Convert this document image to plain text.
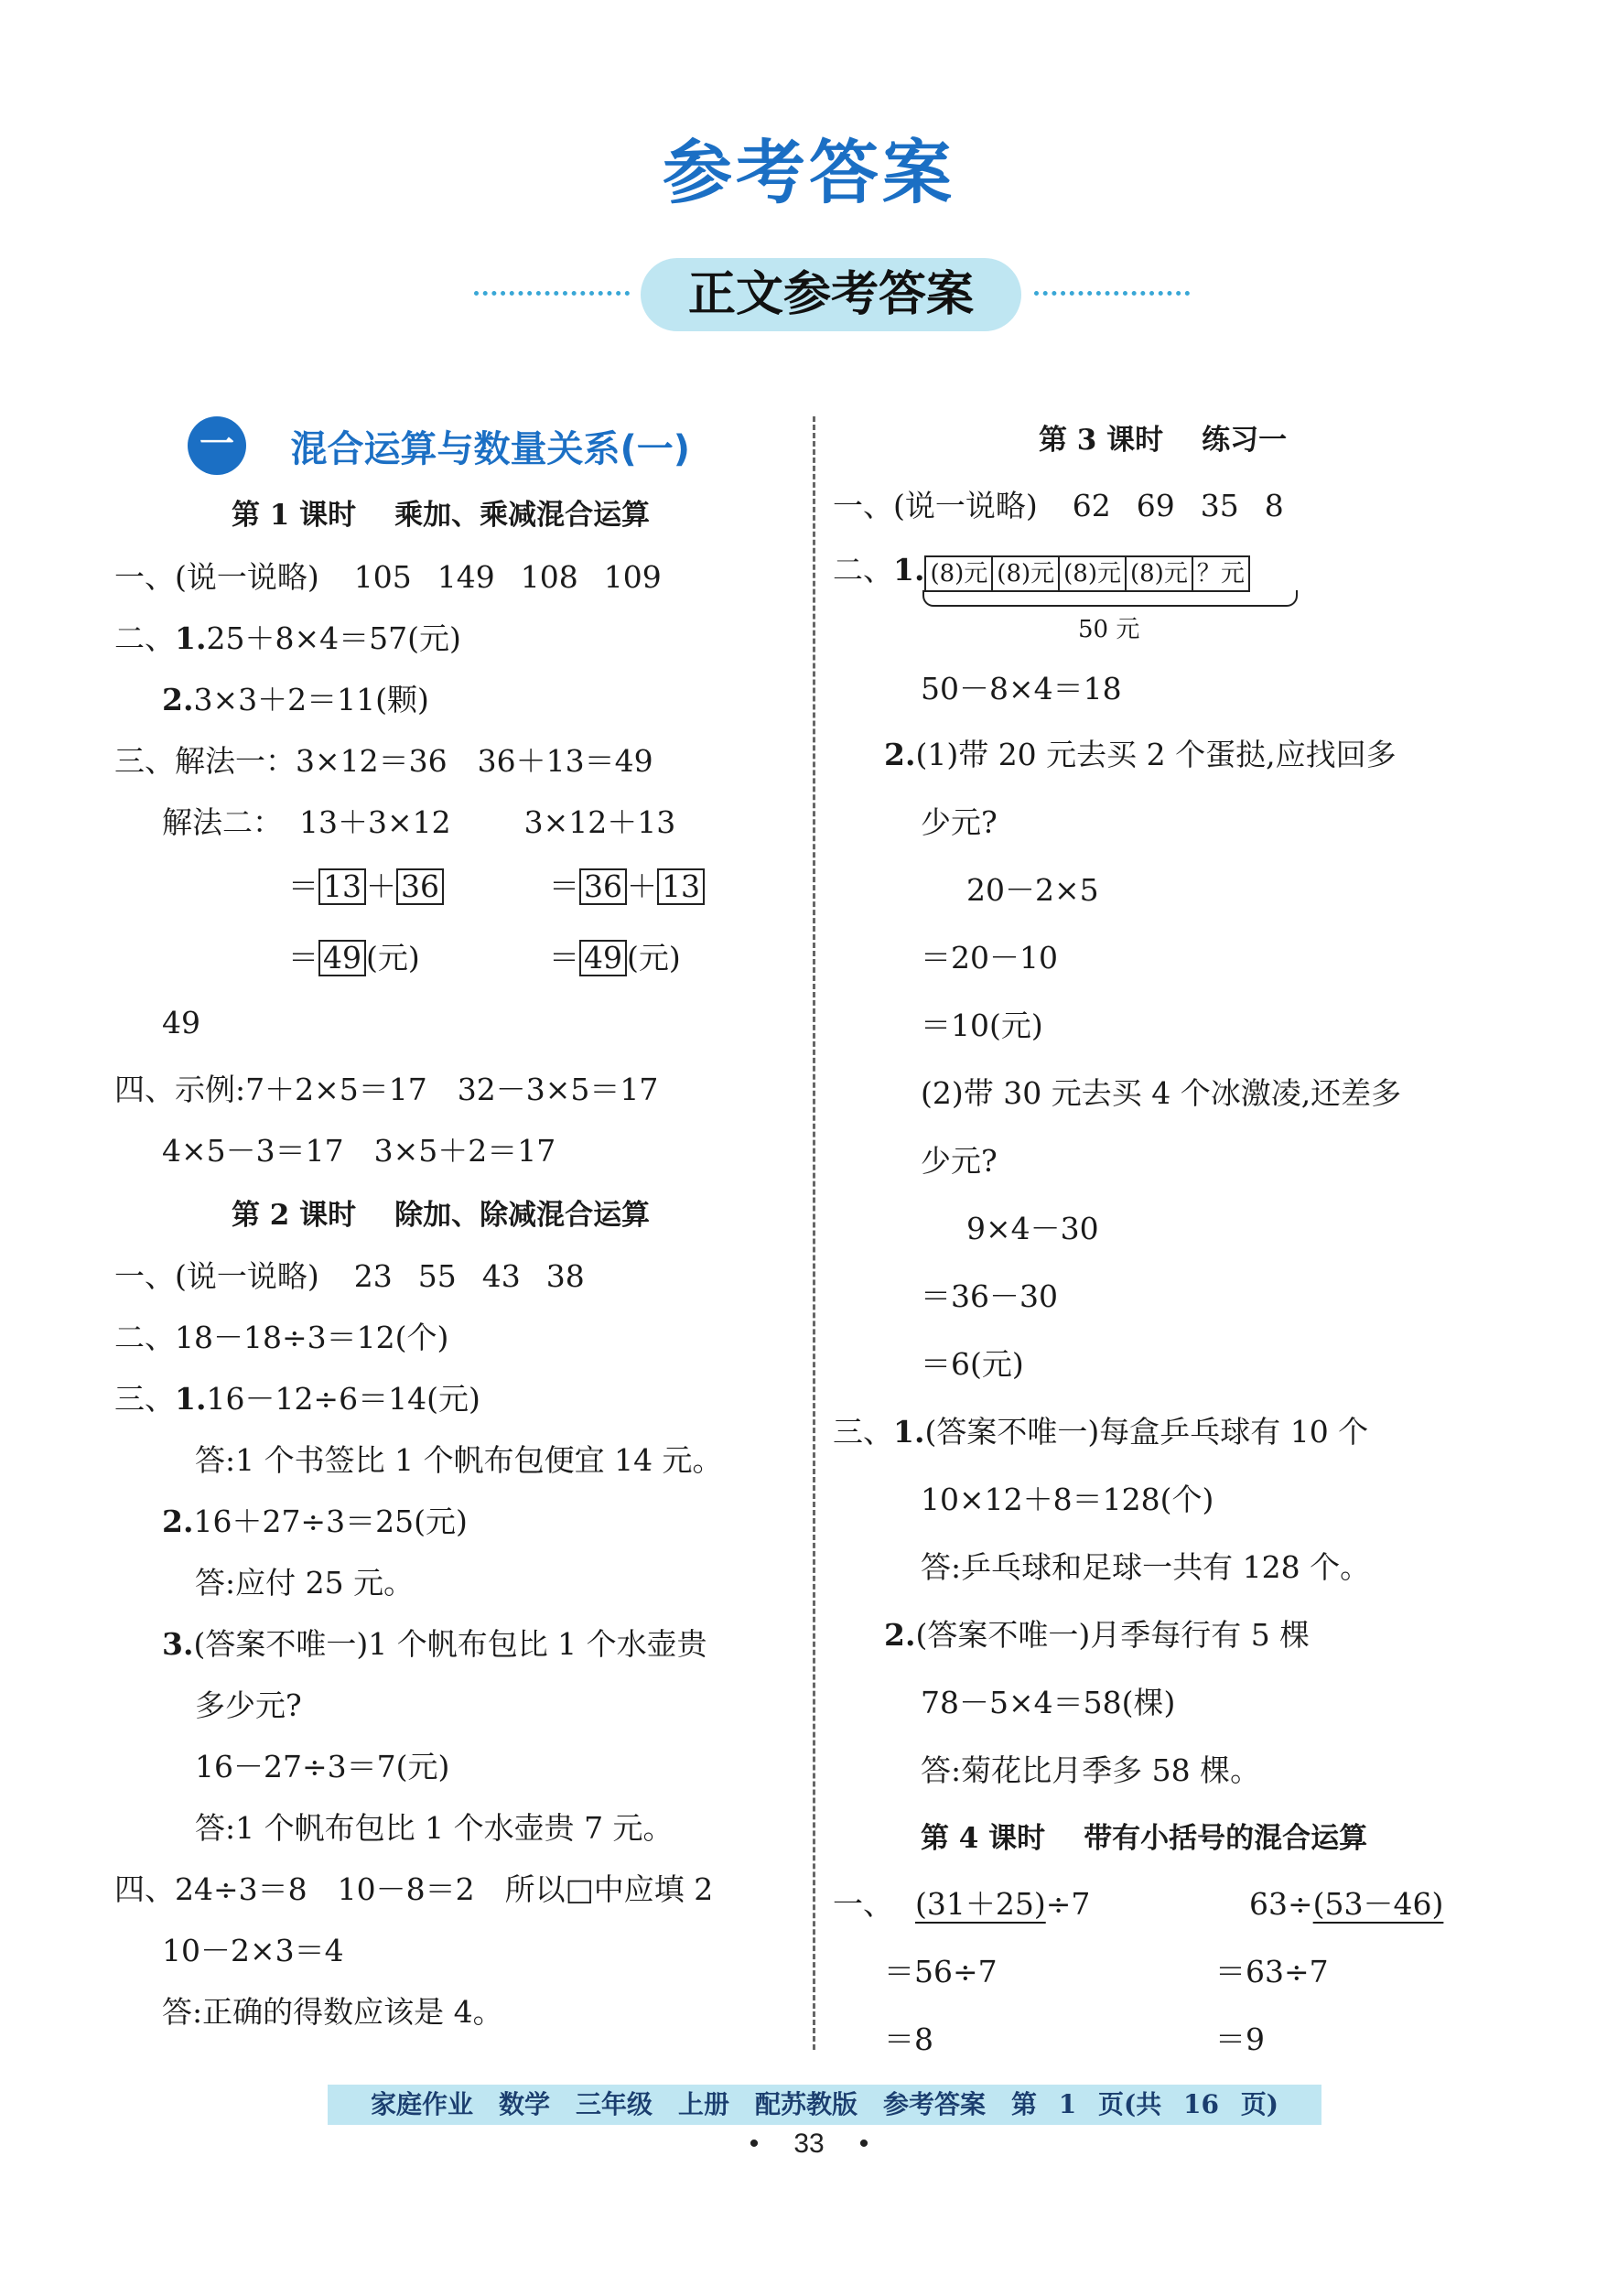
参考答案
正文参考答案
一 混合运算与数量关系(一)
第 1 课时 乘加、乘减混合运算
一、(说一说略) 105 149 108 109
二、1.25＋8×4＝57(元)
2.3×3＋2＝11(颗)
三、解法一：3×12＝36　36＋13＝49
解法二： 13＋3×12 3×12＋13
＝ 13 ＋ 36	＝ 36 ＋ 13
＝ 49 (元)	＝ 49 (元)
49
四、示例:7＋2×5＝17　32－3×5＝17
4×5－3＝17　3×5＋2＝17
第 2 课时 除加、除减混合运算
一、(说一说略) 23 55 43 38
二、18－18÷3＝12(个)
三、1.16－12÷6＝14(元)
答:1 个书签比 1 个帆布包便宜 14 元。
2.16＋27÷3＝25(元)
答:应付 25 元。
3.(答案不唯一)1 个帆布包比 1 个水壶贵
多少元?
16－27÷3＝7(元)
答:1 个帆布包比 1 个水壶贵 7 元。
四、24÷3＝8　10－8＝2　所以□中应填 2
10－2×3＝4
答:正确的得数应该是 4。
第 3 课时 练习一
一、(说一说略) 62 69 35 8
二、1. (8)元 (8)元 (8)元 (8)元 ？元
50 元
50－8×4＝18
2.(1)带 20 元去买 2 个蛋挞,应找回多
少元?
20－2×5
＝20－10
＝10(元)
(2)带 30 元去买 4 个冰激凌,还差多
少元?
9×4－30
＝36－30
＝6(元)
三、1.(答案不唯一)每盒乒乓球有 10 个
10×12＋8＝128(个)
答:乒乓球和足球一共有 128 个。
2.(答案不唯一)月季每行有 5 棵
78－5×4＝58(棵)
答:菊花比月季多 58 棵。
第 4 课时 带有小括号的混合运算
一、 (31＋25)÷7	63÷(53－46)
＝56÷7	＝63÷7
＝8	＝9
家庭作业　数学　三年级　上册　配苏教版　参考答案　第 1 页(共 16 页)
• 33 •
